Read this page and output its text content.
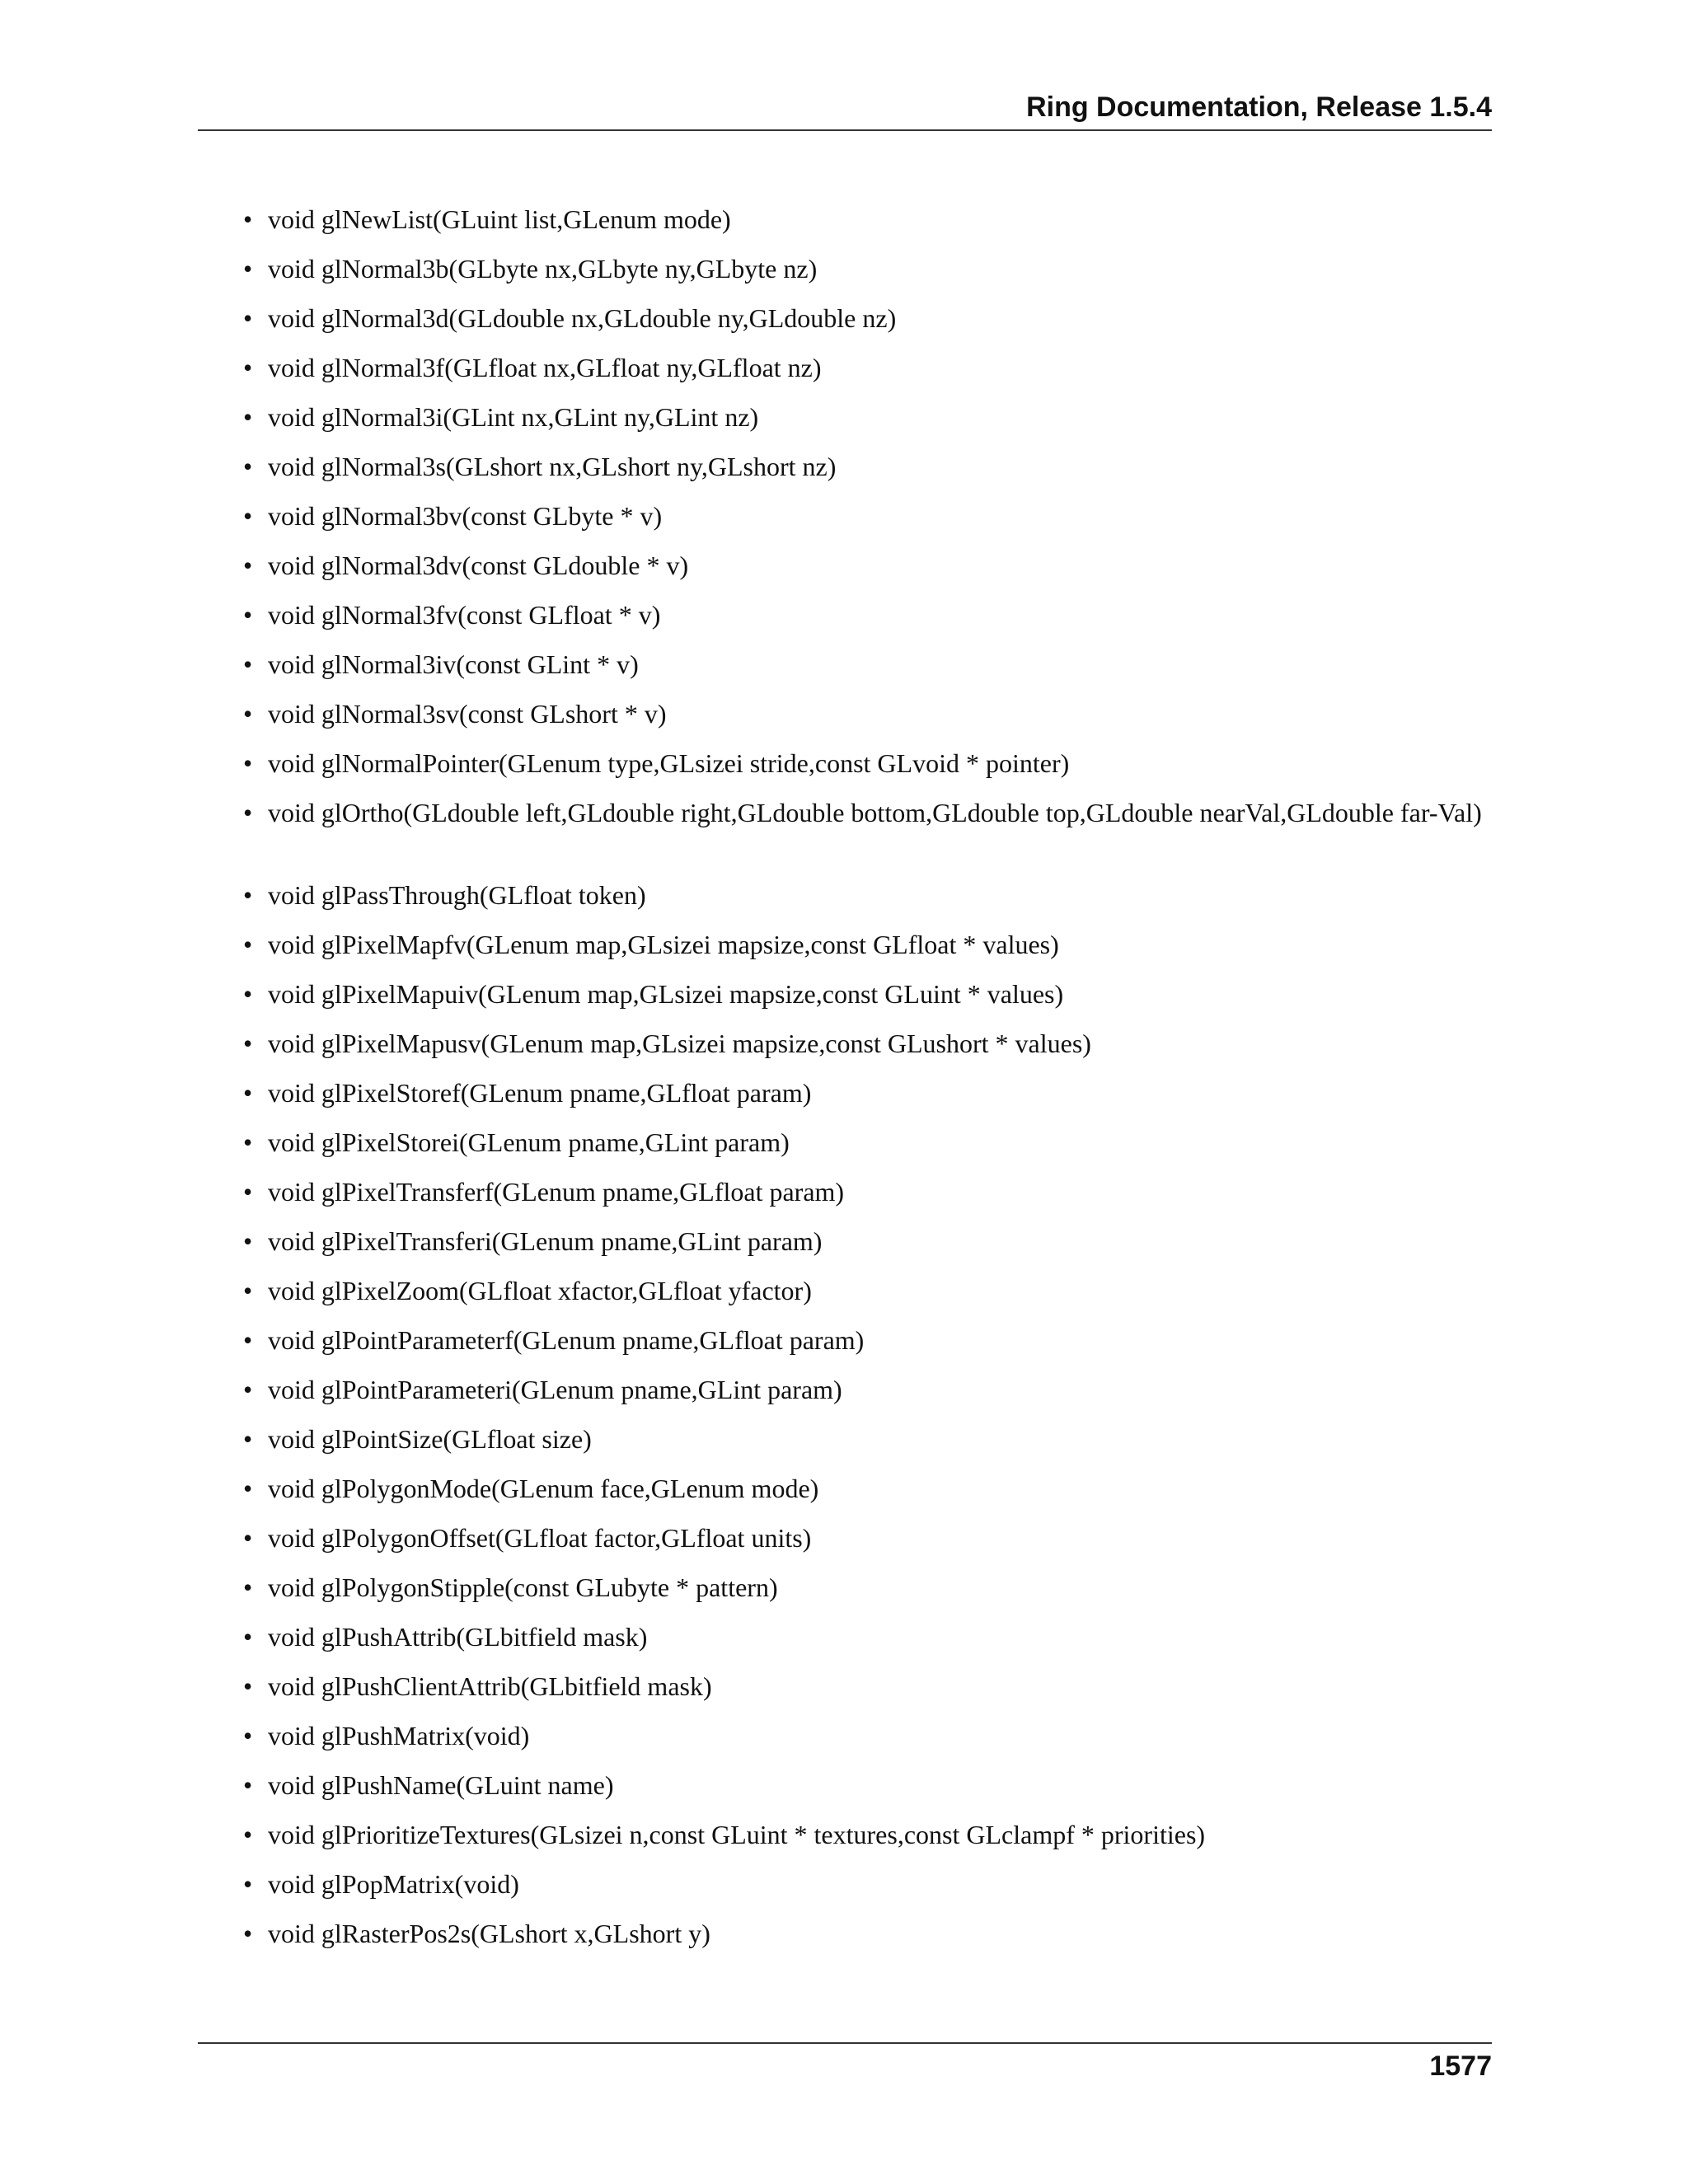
Ring Documentation, Release 1.5.4
• void glNewList(GLuint list,GLenum mode)
• void glNormal3b(GLbyte nx,GLbyte ny,GLbyte nz)
• void glNormal3d(GLdouble nx,GLdouble ny,GLdouble nz)
• void glNormal3f(GLfloat nx,GLfloat ny,GLfloat nz)
• void glNormal3i(GLint nx,GLint ny,GLint nz)
• void glNormal3s(GLshort nx,GLshort ny,GLshort nz)
• void glNormal3bv(const GLbyte * v)
• void glNormal3dv(const GLdouble * v)
• void glNormal3fv(const GLfloat * v)
• void glNormal3iv(const GLint * v)
• void glNormal3sv(const GLshort * v)
• void glNormalPointer(GLenum type,GLsizei stride,const GLvoid * pointer)
• void glOrtho(GLdouble left,GLdouble right,GLdouble bottom,GLdouble top,GLdouble nearVal,GLdouble far-Val)
• void glPassThrough(GLfloat token)
• void glPixelMapfv(GLenum map,GLsizei mapsize,const GLfloat * values)
• void glPixelMapuiv(GLenum map,GLsizei mapsize,const GLuint * values)
• void glPixelMapusv(GLenum map,GLsizei mapsize,const GLushort * values)
• void glPixelStoref(GLenum pname,GLfloat param)
• void glPixelStorei(GLenum pname,GLint param)
• void glPixelTransferf(GLenum pname,GLfloat param)
• void glPixelTransferi(GLenum pname,GLint param)
• void glPixelZoom(GLfloat xfactor,GLfloat yfactor)
• void glPointParameterf(GLenum pname,GLfloat param)
• void glPointParameteri(GLenum pname,GLint param)
• void glPointSize(GLfloat size)
• void glPolygonMode(GLenum face,GLenum mode)
• void glPolygonOffset(GLfloat factor,GLfloat units)
• void glPolygonStipple(const GLubyte * pattern)
• void glPushAttrib(GLbitfield mask)
• void glPushClientAttrib(GLbitfield mask)
• void glPushMatrix(void)
• void glPushName(GLuint name)
• void glPrioritizeTextures(GLsizei n,const GLuint * textures,const GLclampf * priorities)
• void glPopMatrix(void)
• void glRasterPos2s(GLshort x,GLshort y)
1577
